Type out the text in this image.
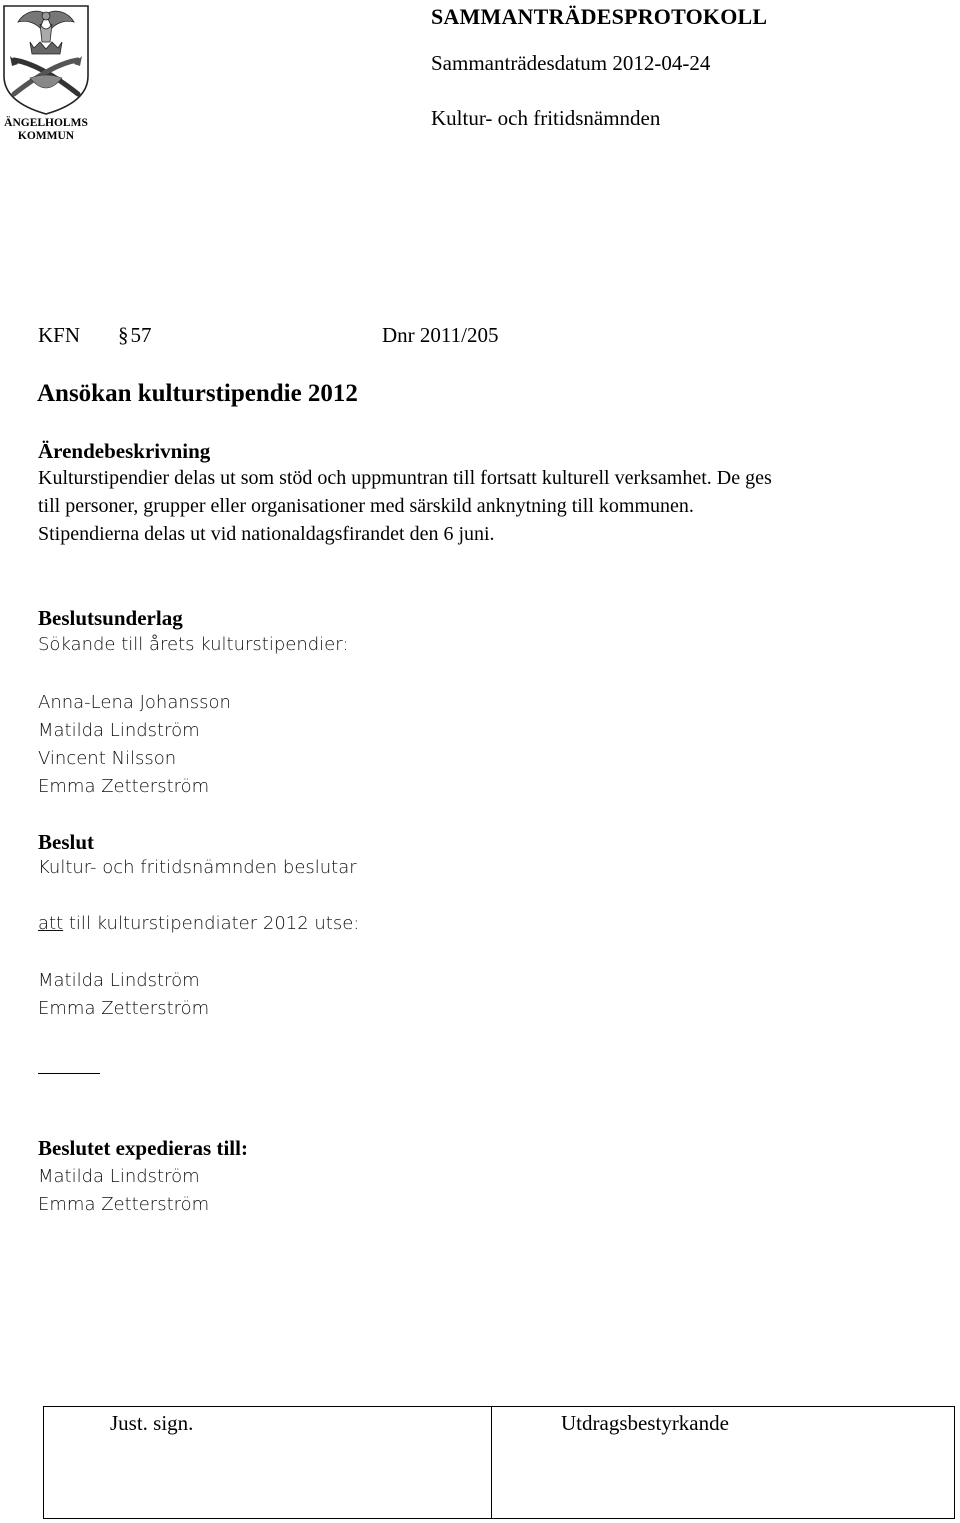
ÄNGELHOLMS
KOMMUN
SAMMANTRÄDESPROTOKOLL
Sammanträdesdatum 2012-04-24
Kultur- och fritidsnämnden
KFN §57	Dnr 2011/205
Ansökan kulturstipendie 2012
Ärendebeskrivning
Kulturstipendier delas ut som stöd och uppmuntran till fortsatt kulturell verksamhet. De ges
till personer, grupper eller organisationer med särskild anknytning till kommunen.
Stipendierna delas ut vid nationaldagsfirandet den 6 juni.
Beslutsunderlag
Sökande till årets kulturstipendier:
Anna-Lena Johansson
Matilda Lindström
Vincent Nilsson
Emma Zetterström
Beslut
Kultur- och fritidsnämnden beslutar
att till kulturstipendiater 2012 utse:
Matilda Lindström
Emma Zetterström
Beslutet expedieras till:
Matilda Lindström
Emma Zetterström
Just. sign.	Utdragsbestyrkande
